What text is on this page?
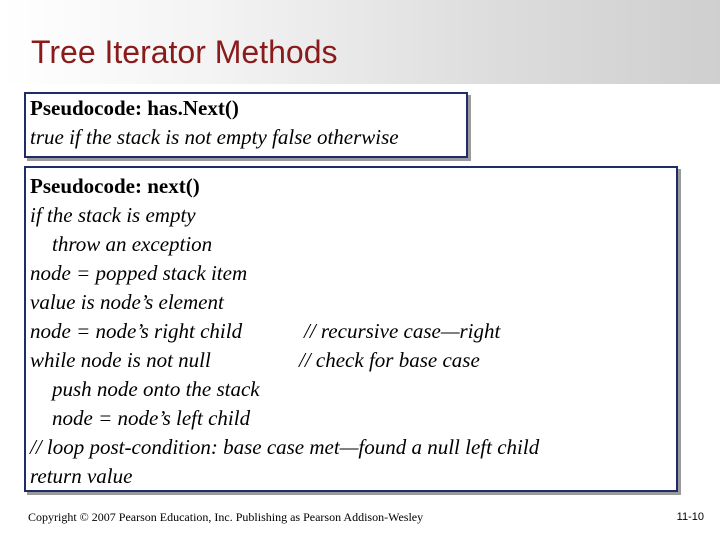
Tree Iterator Methods
Pseudocode: has.Next()
true if the stack is not empty false otherwise
Pseudocode: next()
if the stack is empty
throw an exception
node = popped stack item
value is node’s element
node = node’s right child	// recursive case—right
while node is not null	// check for base case
push node onto the stack
node = node’s left child
// loop post-condition: base case met—found a null left child
return value
Copyright © 2007 Pearson Education, Inc. Publishing as Pearson Addison-Wesley	11-10
